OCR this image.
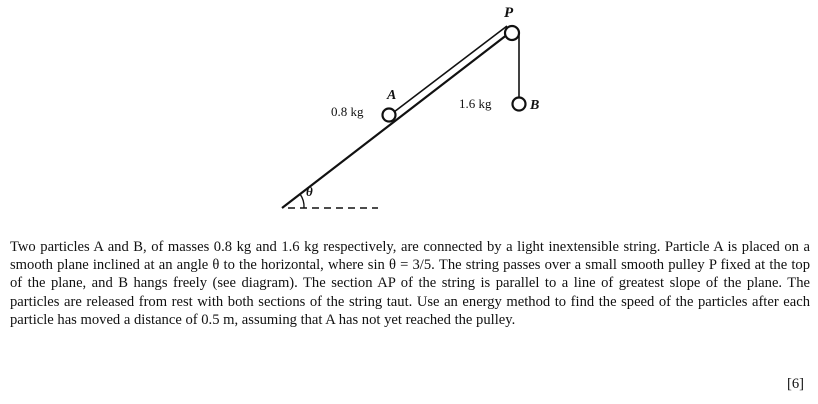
θ
P
B
1.6 kg
A
0.8 kg

Two particles A and B, of masses 0.8 kg and 1.6 kg respectively, are connected by a light inextensible string. Particle A is placed on a smooth plane inclined at an angle θ to the horizontal, where sin θ = 3/5. The string passes over a small smooth pulley P fixed at the top of the plane, and B hangs freely (see diagram). The section AP of the string is parallel to a line of greatest slope of the plane. The particles are released from rest with both sections of the string taut. Use an energy method to find the speed of the particles after each particle has moved a distance of 0.5 m, assuming that A has not yet reached the pulley.

[6]
